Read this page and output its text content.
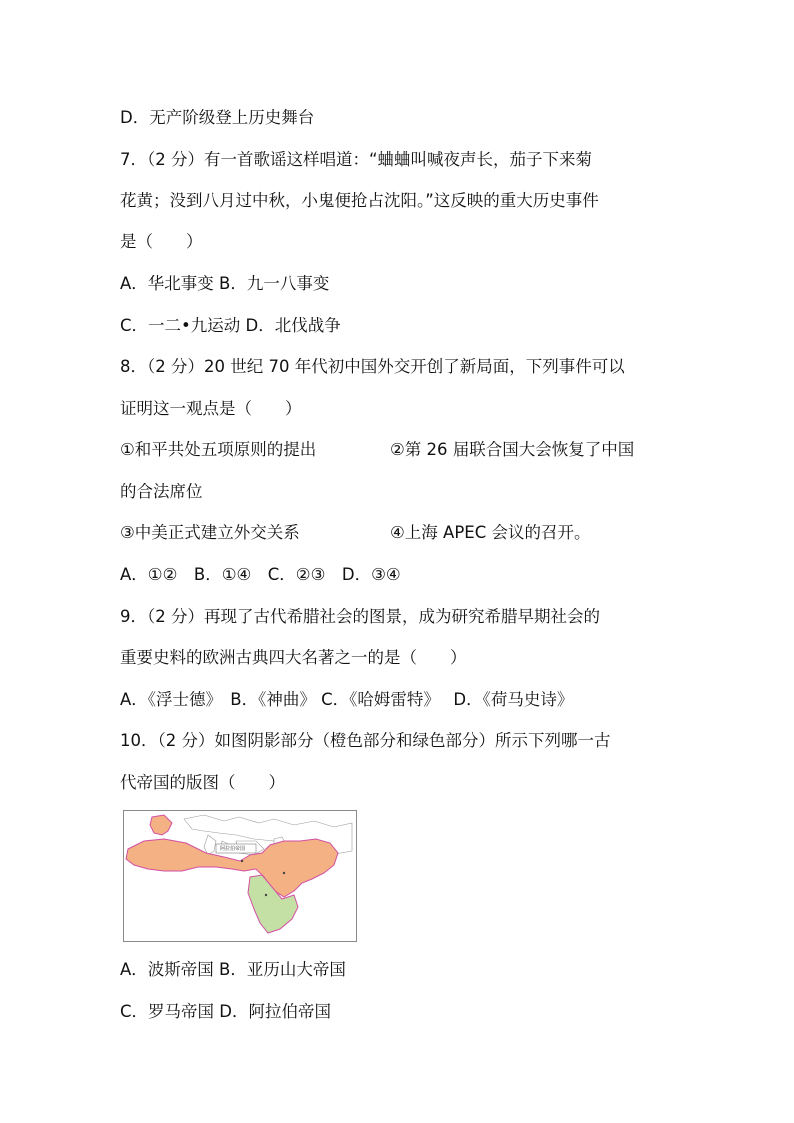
D．无产阶级登上历史舞台
7．（2 分）有一首歌谣这样唱道：“蛐蛐叫喊夜声长，茄子下来菊
花黄；没到八月过中秋，小鬼便抢占沈阳。”这反映的重大历史事件
是（　　）
A．华北事变 B．九一八事变
C．一二•九运动 D．北伐战争
8．（2 分）20 世纪 70 年代初中国外交开创了新局面，下列事件可以
证明这一观点是（　　）
①和平共处五项原则的提出	②第 26 届联合国大会恢复了中国
的合法席位
③中美正式建立外交关系	④上海 APEC 会议的召开。
A．①②　B．①④　C．②③　D．③④
9．（2 分）再现了古代希腊社会的图景，成为研究希腊早期社会的
重要史料的欧洲古典四大名著之一的是（　　）
A．《浮士德》　B．《神曲》 C．《哈姆雷特》　 D．《荷马史诗》
10．（2 分）如图阴影部分（橙色部分和绿色部分）所示下列哪一古
代帝国的版图（　　）
A．波斯帝国 B．亚历山大帝国
C．罗马帝国 D．阿拉伯帝国
阿拉伯帝国
